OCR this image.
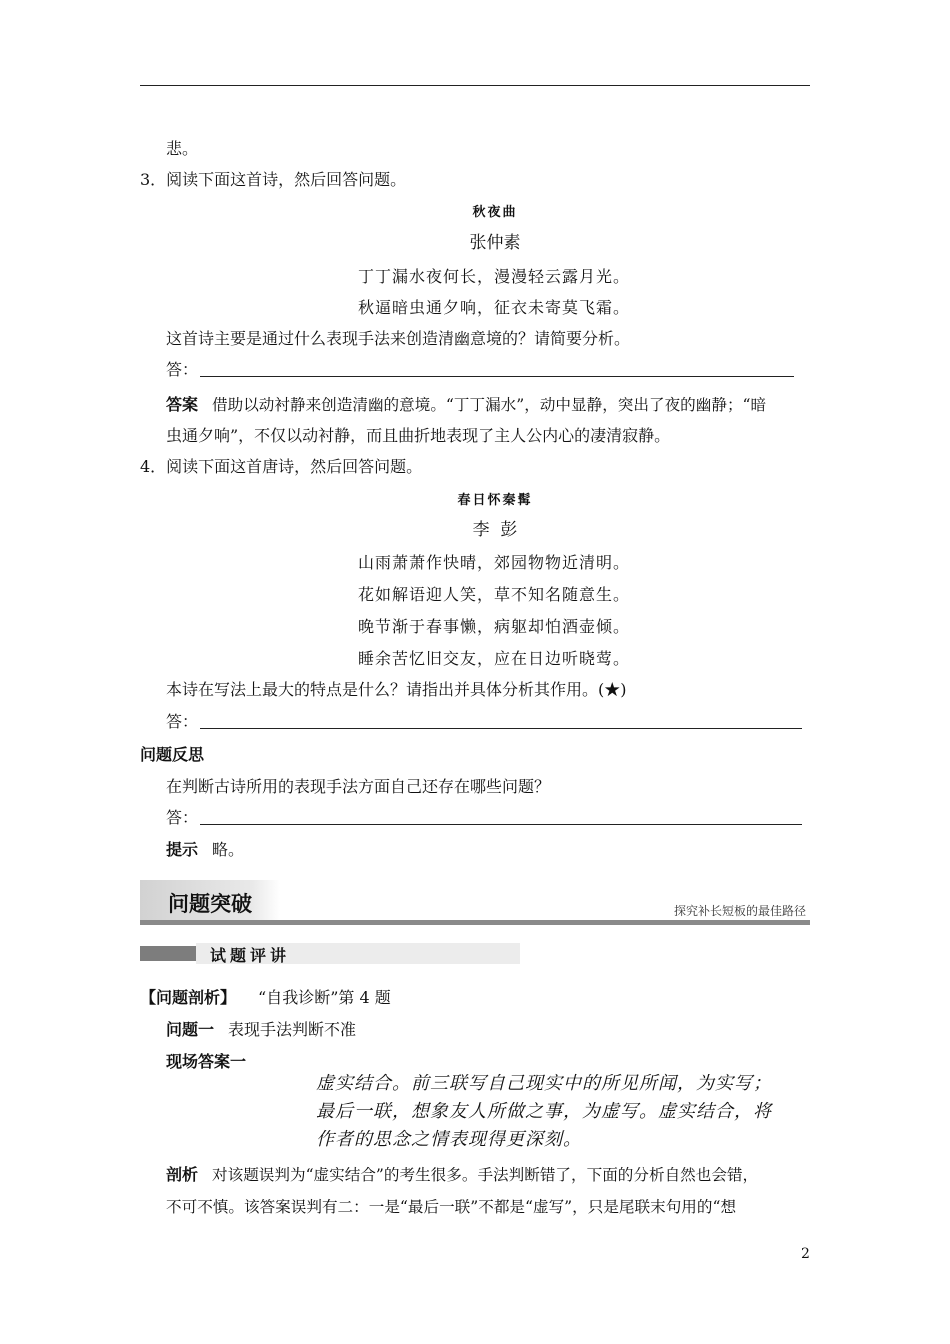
悲。
3．阅读下面这首诗，然后回答问题。
秋夜曲
张仲素
丁丁漏水夜何长，漫漫轻云露月光。
秋逼暗虫通夕响，征衣未寄莫飞霜。
这首诗主要是通过什么表现手法来创造清幽意境的？请简要分析。
答：
答案 借助以动衬静来创造清幽的意境。“丁丁漏水”，动中显静，突出了夜的幽静；“暗
虫通夕响”，不仅以动衬静，而且曲折地表现了主人公内心的凄清寂静。
4．阅读下面这首唐诗，然后回答问题。
春日怀秦髯
李  彭
山雨萧萧作快晴，郊园物物近清明。
花如解语迎人笑，草不知名随意生。
晚节渐于春事懒，病躯却怕酒壶倾。
睡余苦忆旧交友，应在日边听晓莺。
本诗在写法上最大的特点是什么？请指出并具体分析其作用。(★)
答：
问题反思
在判断古诗所用的表现手法方面自己还存在哪些问题？
答：
提示 略。
问题突破	探究补长短板的最佳路径
试题评讲
【问题剖析】 “自我诊断”第 4 题
问题一 表现手法判断不准
现场答案一
虚实结合。前三联写自己现实中的所见所闻，为实写；
最后一联，想象友人所做之事，为虚写。虚实结合，将
作者的思念之情表现得更深刻。
剖析 对该题误判为“虚实结合”的考生很多。手法判断错了，下面的分析自然也会错，
不可不慎。该答案误判有二：一是“最后一联”不都是“虚写”，只是尾联末句用的“想
2
